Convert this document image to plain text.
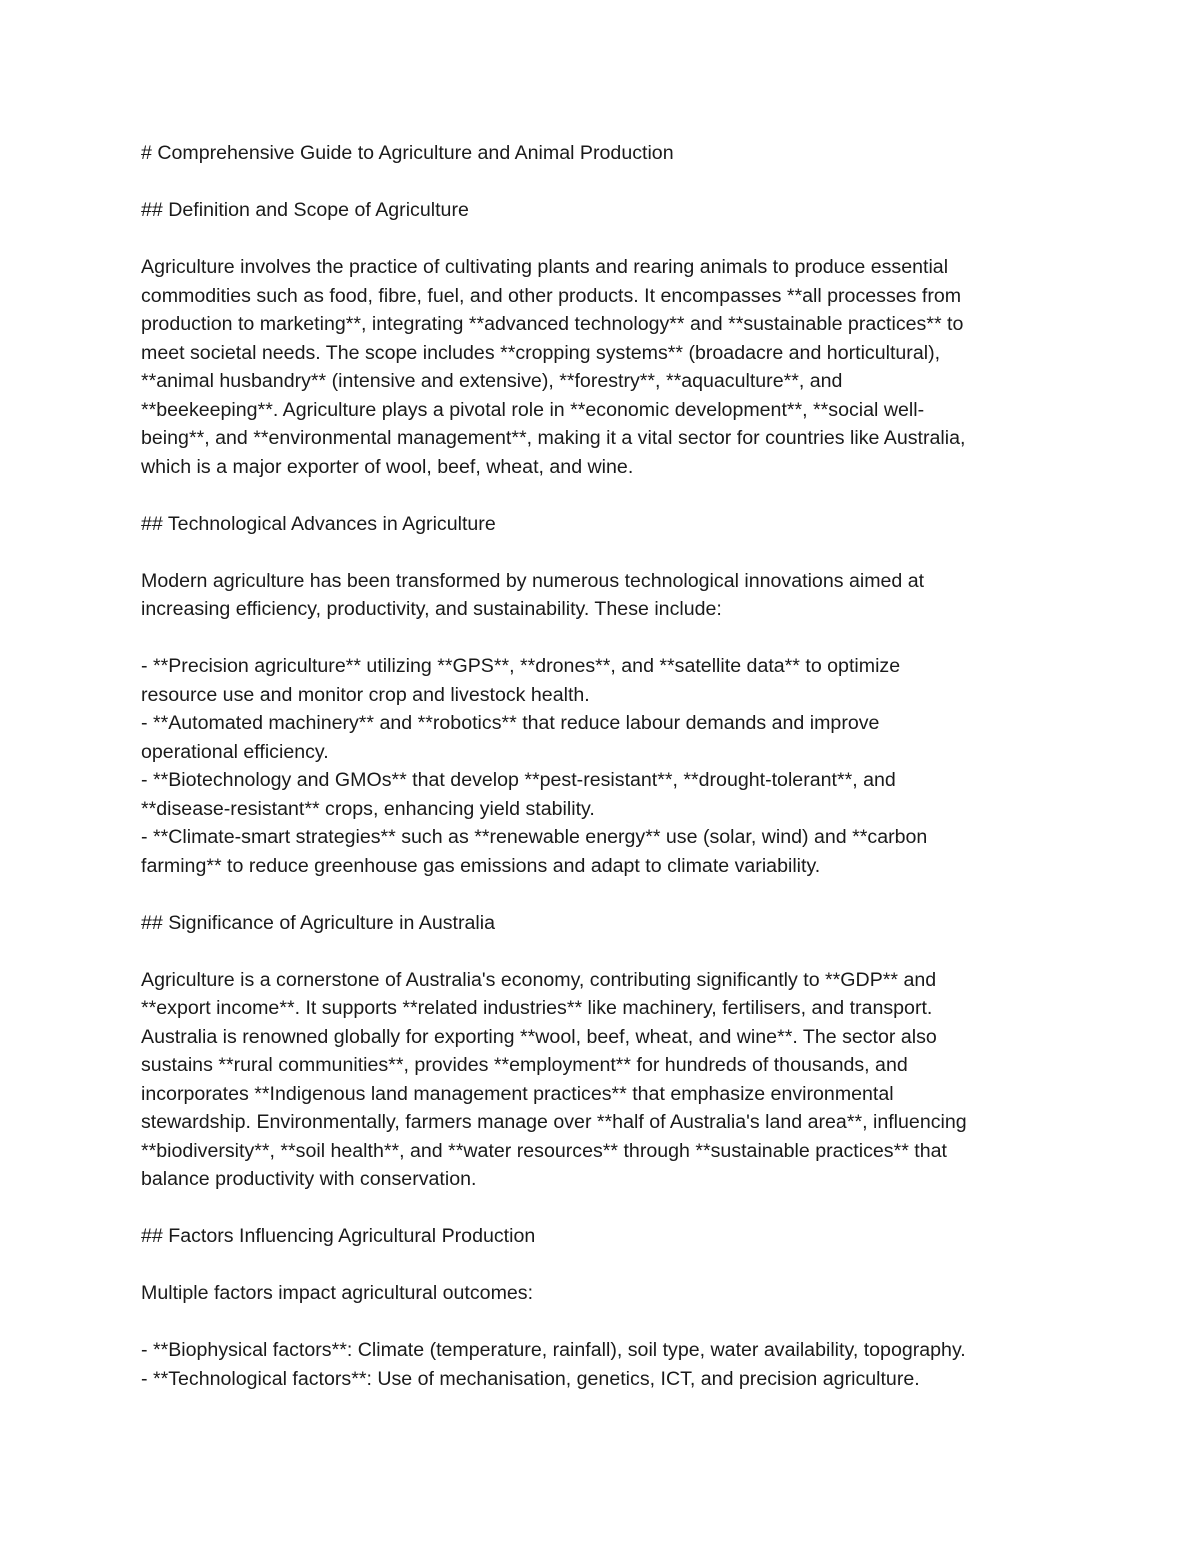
# Comprehensive Guide to Agriculture and Animal Production
## Definition and Scope of Agriculture
Agriculture involves the practice of cultivating plants and rearing animals to produce essential
commodities such as food, fibre, fuel, and other products. It encompasses **all processes from
production to marketing**, integrating **advanced technology** and **sustainable practices** to
meet societal needs. The scope includes **cropping systems** (broadacre and horticultural),
**animal husbandry** (intensive and extensive), **forestry**, **aquaculture**, and
**beekeeping**. Agriculture plays a pivotal role in **economic development**, **social well-
being**, and **environmental management**, making it a vital sector for countries like Australia,
which is a major exporter of wool, beef, wheat, and wine.
## Technological Advances in Agriculture
Modern agriculture has been transformed by numerous technological innovations aimed at
increasing efficiency, productivity, and sustainability. These include:
- **Precision agriculture** utilizing **GPS**, **drones**, and **satellite data** to optimize
resource use and monitor crop and livestock health.
- **Automated machinery** and **robotics** that reduce labour demands and improve
operational efficiency.
- **Biotechnology and GMOs** that develop **pest-resistant**, **drought-tolerant**, and
**disease-resistant** crops, enhancing yield stability.
- **Climate-smart strategies** such as **renewable energy** use (solar, wind) and **carbon
farming** to reduce greenhouse gas emissions and adapt to climate variability.
## Significance of Agriculture in Australia
Agriculture is a cornerstone of Australia's economy, contributing significantly to **GDP** and
**export income**. It supports **related industries** like machinery, fertilisers, and transport.
Australia is renowned globally for exporting **wool, beef, wheat, and wine**. The sector also
sustains **rural communities**, provides **employment** for hundreds of thousands, and
incorporates **Indigenous land management practices** that emphasize environmental
stewardship. Environmentally, farmers manage over **half of Australia's land area**, influencing
**biodiversity**, **soil health**, and **water resources** through **sustainable practices** that
balance productivity with conservation.
## Factors Influencing Agricultural Production
Multiple factors impact agricultural outcomes:
- **Biophysical factors**: Climate (temperature, rainfall), soil type, water availability, topography.
- **Technological factors**: Use of mechanisation, genetics, ICT, and precision agriculture.
